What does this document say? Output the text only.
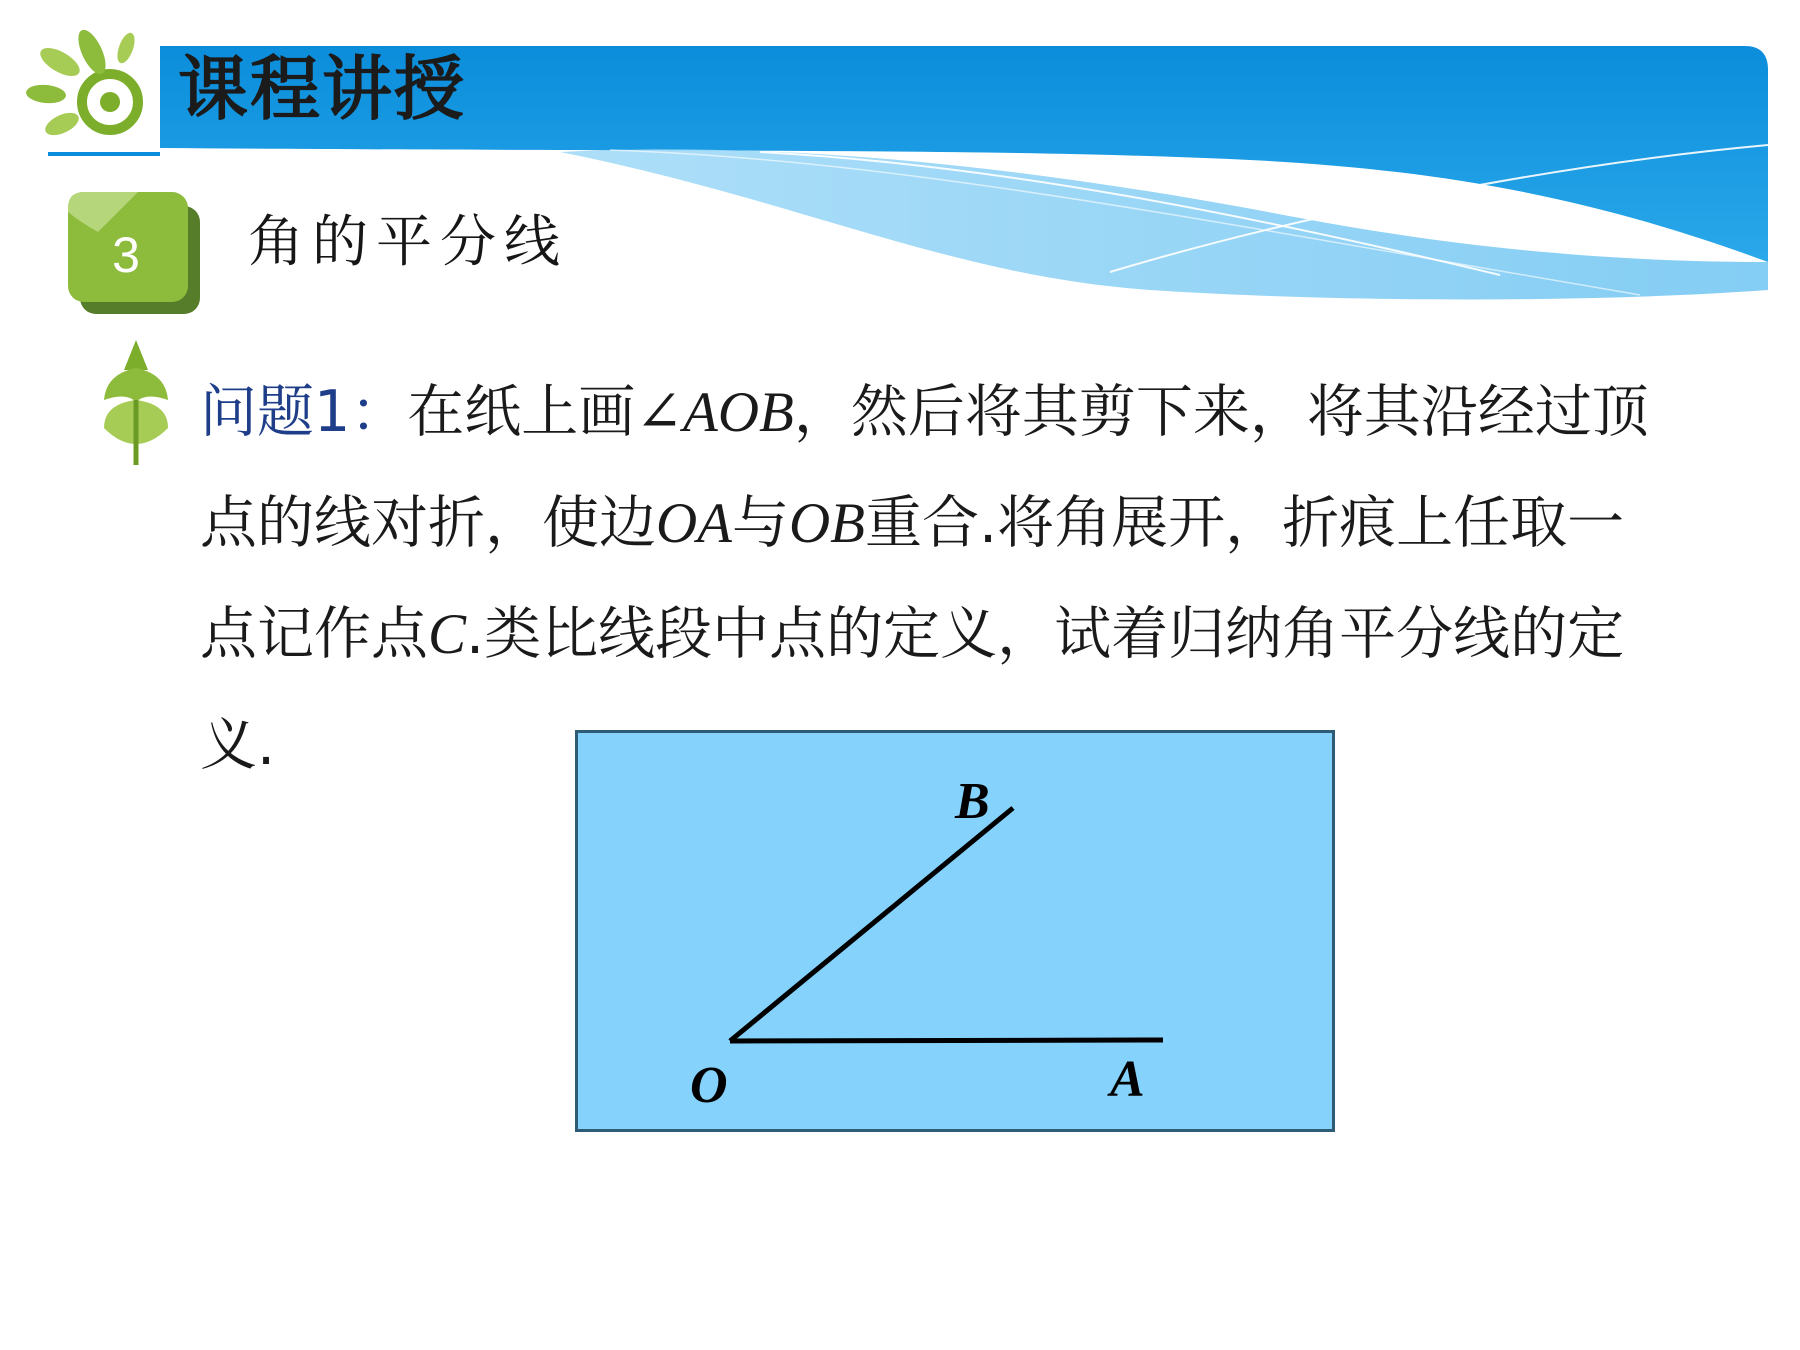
课程讲授
3 角的平分线
问题1：在纸上画∠AOB，然后将其剪下来，将其沿经过顶点的线对折，使边OA与OB重合.将角展开，折痕上任取一点记作点C.类比线段中点的定义，试着归纳角平分线的定义.
O	A
B
